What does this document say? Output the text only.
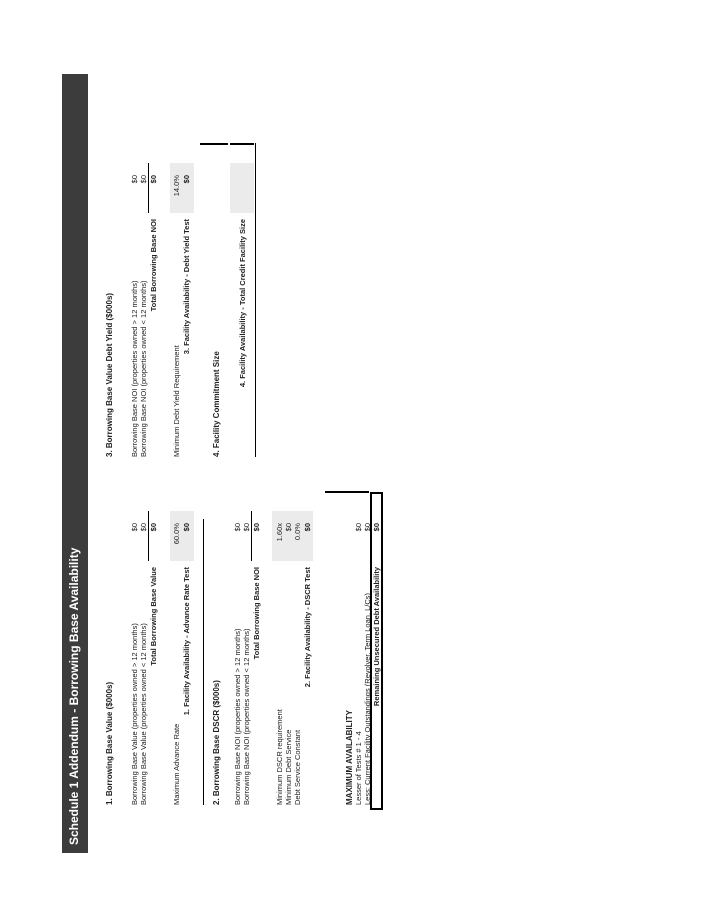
Schedule 1 Addendum - Borrowing Base Availability	1. Borrowing Base Value ($000s) Borrowing Base Value (properties owned > 12 months)
$0
Borrowing Base Value (properties owned < 12 months)
$0
Total Borrowing Base Value
$0
Maximum Advance Rate
60.0%
1. Facility Availability - Advance Rate Test
$0
2. Borrowing Base DSCR ($000s) Borrowing Base NOI (properties owned > 12 months)
$0
Borrowing Base NOI (properties owned < 12 months)
$0
Total Borrowing Base NOI
$0
Minimum DSCR requirement
1.60x
Minimum Debt Service
$0
Debt Service Constant
0.0%
2. Facility Availability - DSCR Test
$0
MAXIMUM AVAILABILITY Lesser of Tests # 1 - 4
$0
Less: Current Facility Outstandings (Revolver, Term Loan, L/Cs)
$0
Remaining Unsecured Debt Availability
$0
3. Borrowing Base Value Debt Yield ($000s) Borrowing Base NOI (properties owned > 12 months)
$0
Borrowing Base NOI (properties owned < 12 months)
$0
Total Borrowing Base NOI
$0
Minimum Debt Yield Requirement
14.0%
3. Facility Availability - Debt Yield Test
$0
4. Facility Commitment Size
4. Facility Availability - Total Credit Facility Size
